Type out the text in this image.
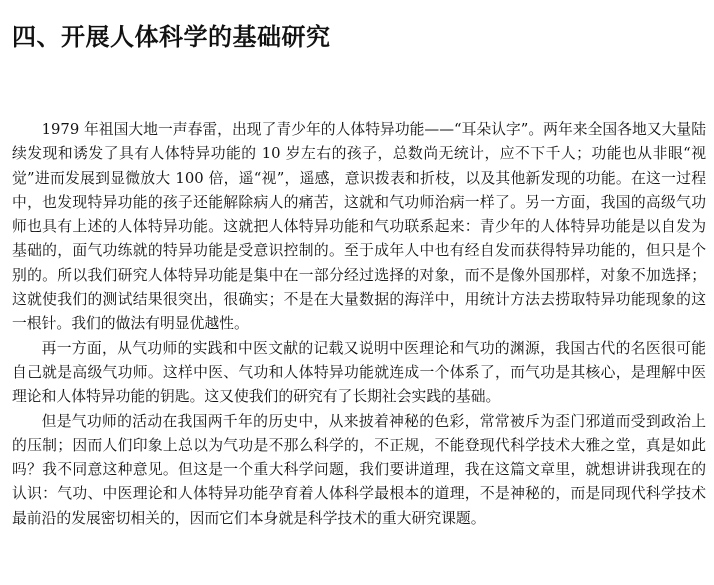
四、开展人体科学的基础研究

1979 年祖国大地一声春雷，出现了青少年的人体特异功能——“耳朵认字”。两年来全国各地又大量陆续发现和诱发了具有人体特异功能的 10 岁左右的孩子，总数尚无统计，应不下千人；功能也从非眼“视觉”进而发展到显微放大 100 倍，遥“视”，遥感，意识拨表和折枝，以及其他新发现的功能。在这一过程中，也发现特异功能的孩子还能解除病人的痛苦，这就和气功师治病一样了。另一方面，我国的高级气功师也具有上述的人体特异功能。这就把人体特异功能和气功联系起来：青少年的人体特异功能是以自发为基础的，面气功练就的特异功能是受意识控制的。至于成年人中也有经自发而获得特异功能的，但只是个别的。所以我们研究人体特异功能是集中在一部分经过选择的对象，而不是像外国那样，对象不加选择；这就使我们的测试结果很突出，很确实；不是在大量数据的海洋中，用统计方法去捞取特异功能现象的这一根针。我们的做法有明显优越性。

再一方面，从气功师的实践和中医文献的记载又说明中医理论和气功的渊源，我国古代的名医很可能自己就是高级气功师。这样中医、气功和人体特异功能就连成一个体系了，而气功是其核心，是理解中医理论和人体特异功能的钥匙。这又使我们的研究有了长期社会实践的基础。

但是气功师的活动在我国两千年的历史中，从来披着神秘的色彩，常常被斥为歪门邪道而受到政治上的压制；因而人们印象上总以为气功是不那么科学的，不正规，不能登现代科学技术大雅之堂，真是如此吗？我不同意这种意见。但这是一个重大科学问题，我们要讲道理，我在这篇文章里，就想讲讲我现在的认识：气功、中医理论和人体特异功能孕育着人体科学最根本的道理，不是神秘的，而是同现代科学技术最前沿的发展密切相关的，因而它们本身就是科学技术的重大研究课题。
